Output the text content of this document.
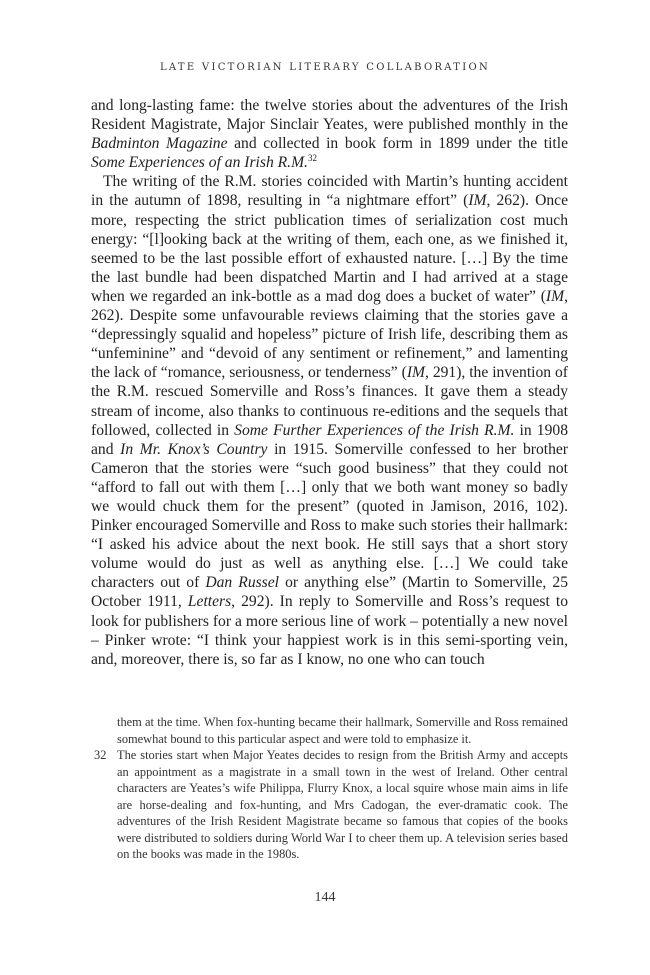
LATE VICTORIAN LITERARY COLLABORATION

and long-lasting fame: the twelve stories about the adventures of the Irish Resident Magistrate, Major Sinclair Yeates, were published monthly in the Badminton Magazine and collected in book form in 1899 under the title Some Experiences of an Irish R.M.$^{32}$

The writing of the R.M. stories coincided with Martin’s hunting accident in the autumn of 1898, resulting in “a nightmare effort” (IM, 262). Once more, respecting the strict publication times of serialization cost much energy: “[l]ooking back at the writing of them, each one, as we finished it, seemed to be the last possible effort of exhausted nature. […] By the time the last bundle had been dispatched Martin and I had arrived at a stage when we regarded an ink-bottle as a mad dog does a bucket of water” (IM, 262). Despite some unfavourable reviews claiming that the stories gave a “depressingly squalid and hopeless” picture of Irish life, describing them as “unfeminine” and “devoid of any sentiment or refinement,” and lamenting the lack of “romance, seriousness, or tenderness” (IM, 291), the invention of the R.M. rescued Somerville and Ross’s finances. It gave them a steady stream of income, also thanks to continuous re-editions and the sequels that followed, collected in Some Further Experiences of the Irish R.M. in 1908 and In Mr. Knox’s Country in 1915. Somerville confessed to her brother Cameron that the stories were “such good business” that they could not “afford to fall out with them […] only that we both want money so badly we would chuck them for the present” (quoted in Jamison, 2016, 102). Pinker encouraged Somerville and Ross to make such stories their hallmark: “I asked his advice about the next book. He still says that a short story volume would do just as well as anything else. […] We could take characters out of Dan Russel or anything else” (Martin to Somerville, 25 October 1911, Letters, 292). In reply to Somerville and Ross’s request to look for publishers for a more serious line of work – potentially a new novel – Pinker wrote: “I think your happiest work is in this semi-sporting vein, and, moreover, there is, so far as I know, no one who can touch

them at the time. When fox-hunting became their hallmark, Somerville and Ross remained somewhat bound to this particular aspect and were told to emphasize it.

32 The stories start when Major Yeates decides to resign from the British Army and accepts an appointment as a magistrate in a small town in the west of Ireland. Other central characters are Yeates’s wife Philippa, Flurry Knox, a local squire whose main aims in life are horse-dealing and fox-hunting, and Mrs Cadogan, the ever-dramatic cook. The adventures of the Irish Resident Magistrate became so famous that copies of the books were distributed to soldiers during World War I to cheer them up. A television series based on the books was made in the 1980s.
144
